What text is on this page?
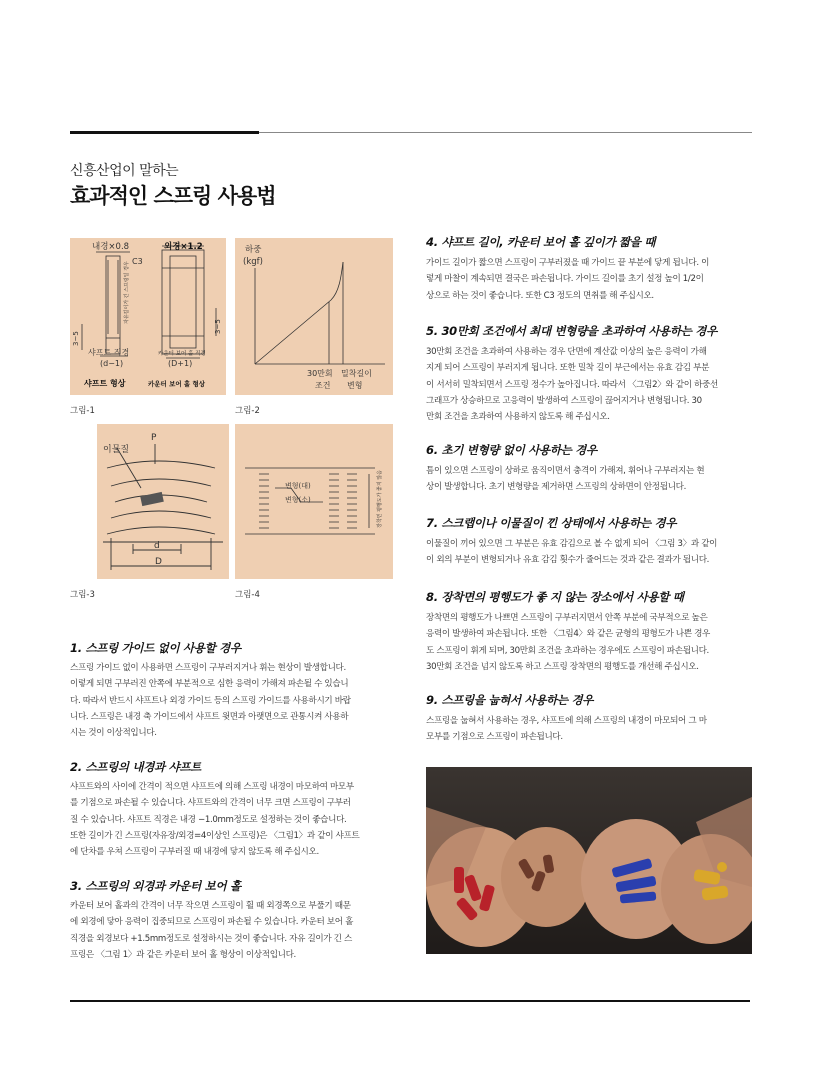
신흥산업이 말하는
효과적인 스프링 사용법
내경×0.8	외경×1.2
C3
3~5
3~5
자유길이가 긴 스프링일 경우
샤프트 직경
(d−1)
샤프트 형상
카운터 보어 홀 직경
(D+1)
카운터 보어 홀 형상
그림-1
하중
(kgf)
30만회
조건
밀착길이
변형
그림-2
이물질
P
d
D
그림-3
변형(대)
변형(소)	장착면 평행도가 좋지 않음
그림-4
1. 스프링 가이드 없이 사용할 경우
스프링 가이드 없이 사용하면 스프링이 구부러지거나 휘는 현상이 발생합니다.
이렇게 되면 구부러진 안쪽에 부분적으로 심한 응력이 가해져 파손될 수 있습니
다. 따라서 반드시 샤프트나 외경 가이드 등의 스프링 가이드를 사용하시기 바랍
니다. 스프링은 내경 축 가이드에서 샤프트 윗면과 아랫면으로 관통시켜 사용하
시는 것이 이상적입니다.
2. 스프링의 내경과 샤프트
샤프트와의 사이에 간격이 적으면 샤프트에 의해 스프링 내경이 마모하여 마모부
를 기점으로 파손될 수 있습니다. 샤프트와의 간격이 너무 크면 스프링이 구부러
질 수 있습니다. 샤프트 직경은 내경 −1.0mm정도로 설정하는 것이 좋습니다.
또한 길이가 긴 스프링(자유장/외경=4이상인 스프링)은 〈그림1〉과 같이 샤프트
에 단차를 우쳐 스프링이 구부러질 때 내경에 닿지 않도록 해 주십시오.
3. 스프링의 외경과 카운터 보어 홀
카운터 보어 홀과의 간격이 너무 작으면 스프링이 휠 때 외경쪽으로 부풀기 때문
에 외경에 닿아 응력이 집중되므로 스프링이 파손될 수 있습니다. 카운터 보어 홀
직경을 외경보다 +1.5mm정도로 설정하시는 것이 좋습니다. 자유 길이가 긴 스
프링은 〈그림 1〉과 같은 카운터 보어 홀 형상이 이상적입니다.
4. 샤프트 길이, 카운터 보어 홀 깊이가 짧을 때
가이드 길이가 짧으면 스프링이 구부러졌을 때 가이드 끝 부분에 닿게 됩니다. 이
렇게 마찰이 계속되면 결국은 파손됩니다. 가이드 길이를 초기 설정 높이 1/2이
상으로 하는 것이 좋습니다. 또한 C3 정도의 면취를 해 주십시오.
5. 30만회 조건에서 최대 변형량을 초과하여 사용하는 경우
30만회 조건을 초과하여 사용하는 경우 단면에 계산값 이상의 높은 응력이 가해
지게 되어 스프링이 부러지게 됩니다. 또한 밀착 길이 부근에서는 유효 감김 부분
이 서서히 밀착되면서 스프링 정수가 높아집니다. 따라서 〈그림2〉와 같이 하중선
그래프가 상승하므로 고응력이 발생하여 스프링이 끊어지거나 변형됩니다. 30
만회 조건을 초과하여 사용하지 않도록 해 주십시오.
6. 초기 변형량 없이 사용하는 경우
틈이 있으면 스프링이 상하로 움직이면서 충격이 가해져, 휘어나 구부러지는 현
상이 발생합니다. 초기 변형량을 제거하면 스프링의 상하면이 안정됩니다.
7. 스크랩이나 이물질이 낀 상태에서 사용하는 경우
이물질이 끼어 있으면 그 부분은 유효 감김으로 볼 수 없게 되어 〈그림 3〉과 같이
이 외의 부분이 변형되거나 유효 감김 횟수가 줄어드는 것과 같은 결과가 됩니다.
8. 장착면의 평행도가 좋 지 않는 장소에서 사용할 때
장착면의 평행도가 나쁘면 스프링이 구부러지면서 안쪽 부분에 국부적으로 높은
응력이 발생하여 파손됩니다. 또한 〈그림4〉와 같은 균형의 평형도가 나쁜 경우
도 스프링이 휘게 되며, 30만회 조건을 초과하는 경우에도 스프링이 파손됩니다.
30만회 조건을 넘지 않도록 하고 스프링 장착면의 평행도를 개선해 주십시오.
9. 스프링을 눕혀서 사용하는 경우
스프링을 눕혀서 사용하는 경우, 샤프트에 의해 스프링의 내경이 마모되어 그 마
모부를 기점으로 스프링이 파손됩니다.
